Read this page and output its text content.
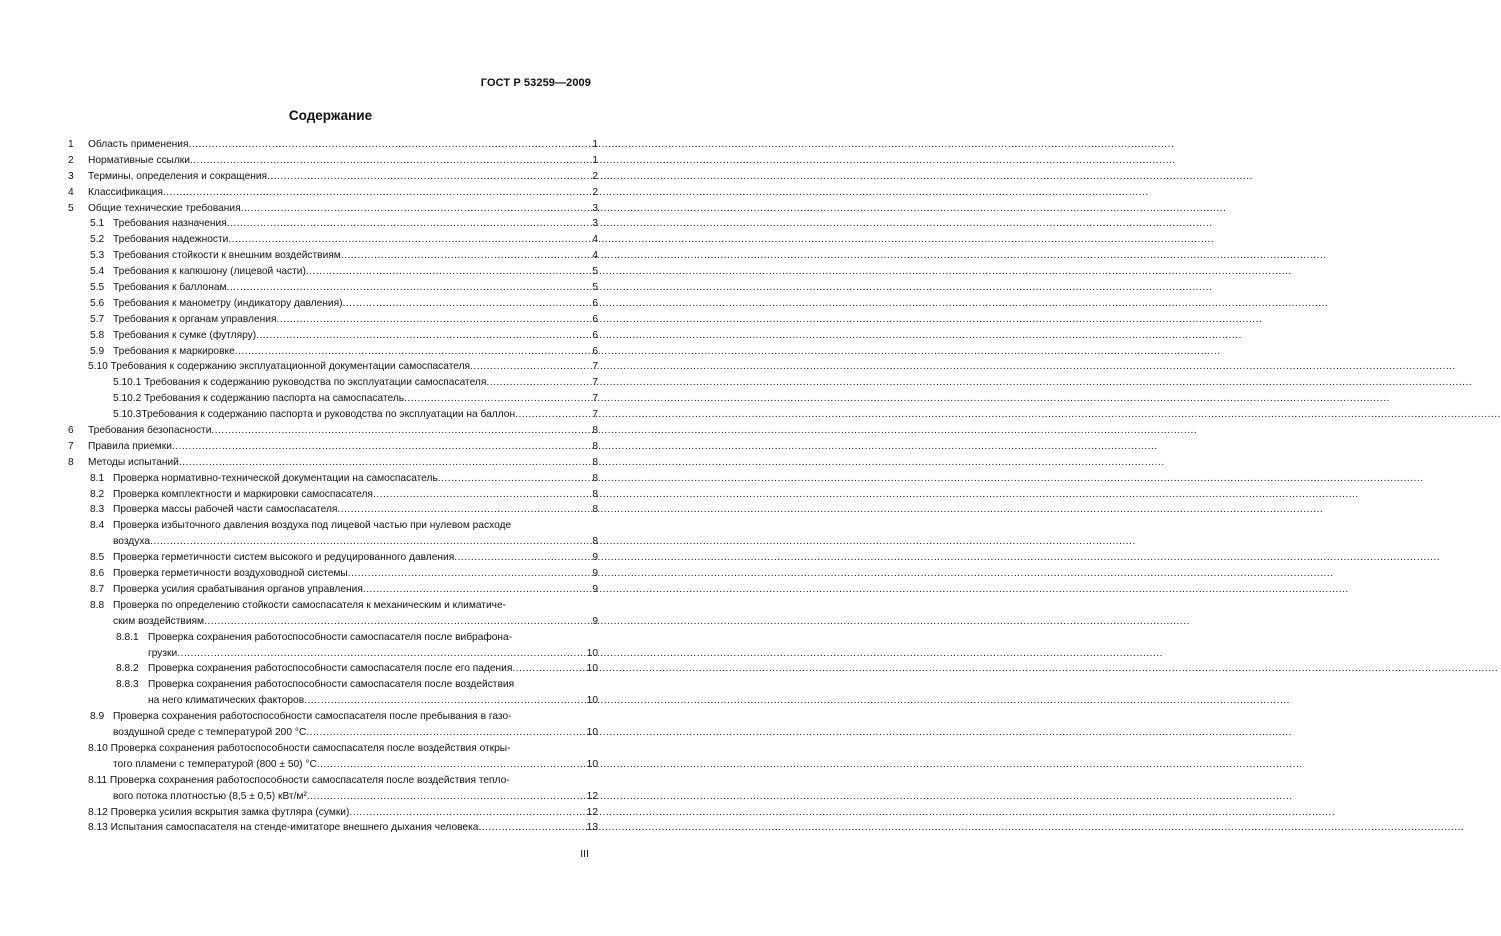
ГОСТ Р 53259—2009
Содержание
1 Область применения .....	1
2 Нормативные ссылки .....	1
3 Термины, определения и сокращения .....	2
4 Классификация .....	2
5 Общие технические требования .....	3
5.1 Требования назначения .....	3
5.2 Требования надежности .....	4
5.3 Требования стойкости к внешним воздействиям .....	4
5.4 Требования к капюшону (лицевой части) .....	5
5.5 Требования к баллонам .....	5
5.6 Требования к манометру (индикатору давления) .....	6
5.7 Требования к органам управления .....	6
5.8 Требования к сумке (футляру) .....	6
5.9 Требования к маркировке .....	6
5.10 Требования к содержанию эксплуатационной документации самоспасателя .....	7
5.10.1 Требования к содержанию руководства по эксплуатации самоспасателя .....	7
5.10.2 Требования к содержанию паспорта на самоспасатель .....	7
5.10.3Требования к содержанию паспорта и руководства по эксплуатации на баллон .....	7
6 Требования безопасности .....	8
7 Правила приемки .....	8
8 Методы испытаний .....	8
8.1 Проверка нормативно-технической документации на самоспасатель .....	8
8.2 Проверка комплектности и маркировки самоспасателя .....	8
8.3 Проверка массы рабочей части самоспасателя .....	8
8.4 Проверка избыточного давления воздуха под лицевой частью при нулевом расходе
воздуха .....	8
8.5 Проверка герметичности систем высокого и редуцированного давления .....	9
8.6 Проверка герметичности воздуховодной системы .....	9
8.7 Проверка усилия срабатывания органов управления .....	9
8.8 Проверка по определению стойкости самоспасателя к механическим и климатиче-
ским воздействиям .....	9
8.8.1 Проверка сохранения работоспособности самоспасателя после вибрафона-
грузки .....	10
8.8.2 Проверка сохранения работоспособности самоспасателя после его падения .....	10
8.8.3 Проверка сохранения работоспособности самоспасателя после воздействия
на него климатических факторов .....	10
8.9 Проверка сохранения работоспособности самоспасателя после пребывания в газо-
воздушной среде с температурой 200 °С .....	10
8.10 Проверка сохранения работоспособности самоспасателя после воздействия откры-
того пламени с температурой (800 ± 50) °С .....	10
8.11 Проверка сохранения работоспособности самоспасателя после воздействия тепло-
вого потока плотностью (8,5 ± 0,5) кВт/м² .....	12
8.12 Проверка усилия вскрытия замка футляра (сумки) .....	12
8.13 Испытания самоспасателя на стенде-имитаторе внешнего дыхания человека .....	13
III
